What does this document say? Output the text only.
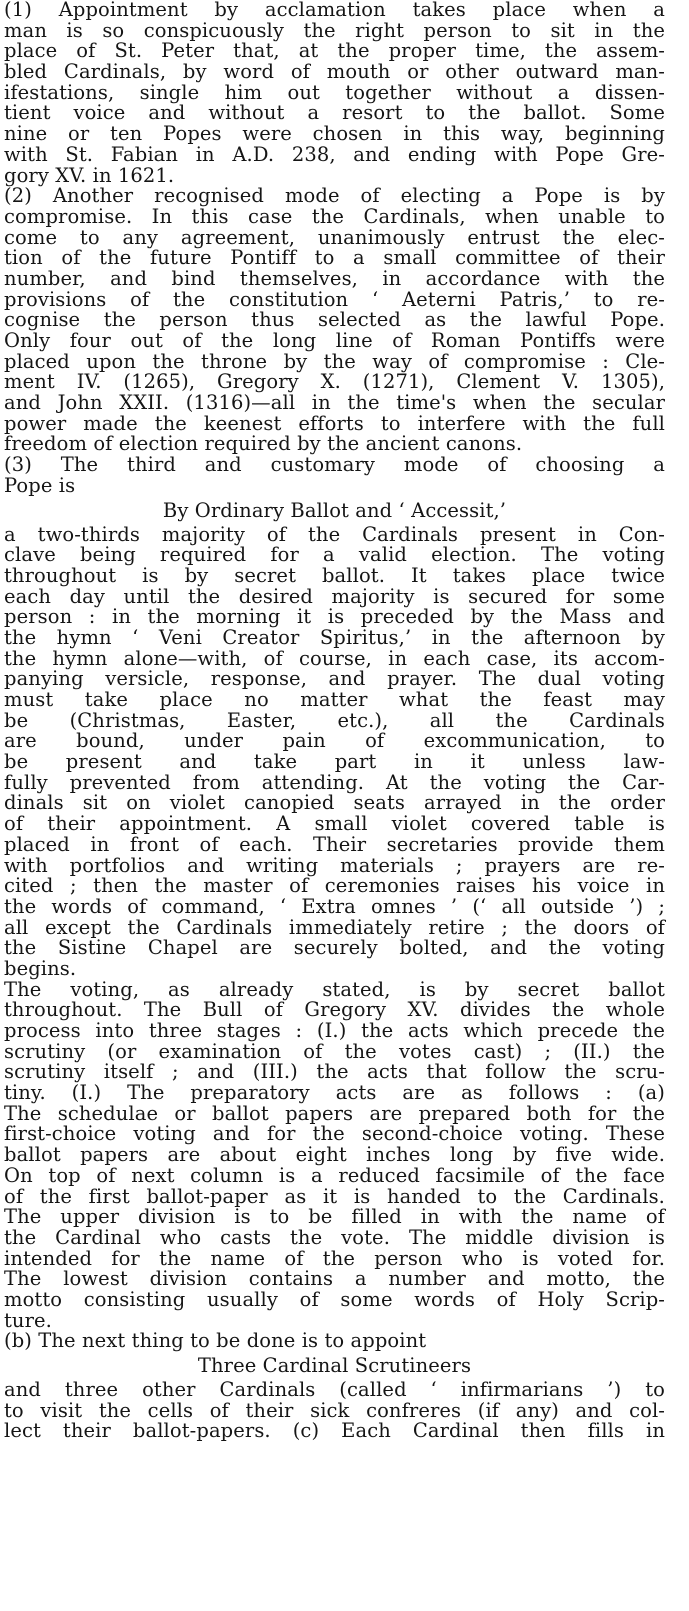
(1) Appointment by acclamation takes place when a
man is so conspicuously the right person to sit in the
place of St. Peter that, at the proper time, the assem-
bled Cardinals, by word of mouth or other outward man-
ifestations, single him out together without a dissen-
tient voice and without a resort to the ballot. Some
nine or ten Popes were chosen in this way, beginning
with St. Fabian in A.D. 238, and ending with Pope Gre-
gory XV. in 1621.
(2) Another recognised mode of electing a Pope is by
compromise. In this case the Cardinals, when unable to
come to any agreement, unanimously entrust the elec-
tion of the future Pontiff to a small committee of their
number, and bind themselves, in accordance with the
provisions of the constitution ‘ Aeterni Patris,’ to re-
cognise the person thus selected as the lawful Pope.
Only four out of the long line of Roman Pontiffs were
placed upon the throne by the way of compromise : Cle-
ment IV. (1265), Gregory X. (1271), Clement V. 1305),
and John XXII. (1316)—all in the time's when the secular
power made the keenest efforts to interfere with the full
freedom of election required by the ancient canons.
(3) The third and customary mode of choosing a
Pope is
By Ordinary Ballot and ‘ Accessit,’
a two-thirds majority of the Cardinals present in Con-
clave being required for a valid election. The voting
throughout is by secret ballot. It takes place twice
each day until the desired majority is secured for some
person : in the morning it is preceded by the Mass and
the hymn ‘ Veni Creator Spiritus,’ in the afternoon by
the hymn alone—with, of course, in each case, its accom-
panying versicle, response, and prayer. The dual voting
must take place no matter what the feast may
be (Christmas, Easter, etc.), all the Cardinals
are bound, under pain of excommunication, to
be present and take part in it unless law-
fully prevented from attending. At the voting the Car-
dinals sit on violet canopied seats arrayed in the order
of their appointment. A small violet covered table is
placed in front of each. Their secretaries provide them
with portfolios and writing materials ; prayers are re-
cited ; then the master of ceremonies raises his voice in
the words of command, ‘ Extra omnes ’ (‘ all outside ’) ;
all except the Cardinals immediately retire ; the doors of
the Sistine Chapel are securely bolted, and the voting
begins.
The voting, as already stated, is by secret ballot
throughout. The Bull of Gregory XV. divides the whole
process into three stages : (I.) the acts which precede the
scrutiny (or examination of the votes cast) ; (II.) the
scrutiny itself ; and (III.) the acts that follow the scru-
tiny. (I.) The preparatory acts are as follows : (a)
The schedulae or ballot papers are prepared both for the
first-choice voting and for the second-choice voting. These
ballot papers are about eight inches long by five wide.
On top of next column is a reduced facsimile of the face
of the first ballot-paper as it is handed to the Cardinals.
The upper division is to be filled in with the name of
the Cardinal who casts the vote. The middle division is
intended for the name of the person who is voted for.
The lowest division contains a number and motto, the
motto consisting usually of some words of Holy Scrip-
ture.
(b) The next thing to be done is to appoint
Three Cardinal Scrutineers
and three other Cardinals (called ‘ infirmarians ’) to
to visit the cells of their sick confreres (if any) and col-
lect their ballot-papers. (c) Each Cardinal then fills in
